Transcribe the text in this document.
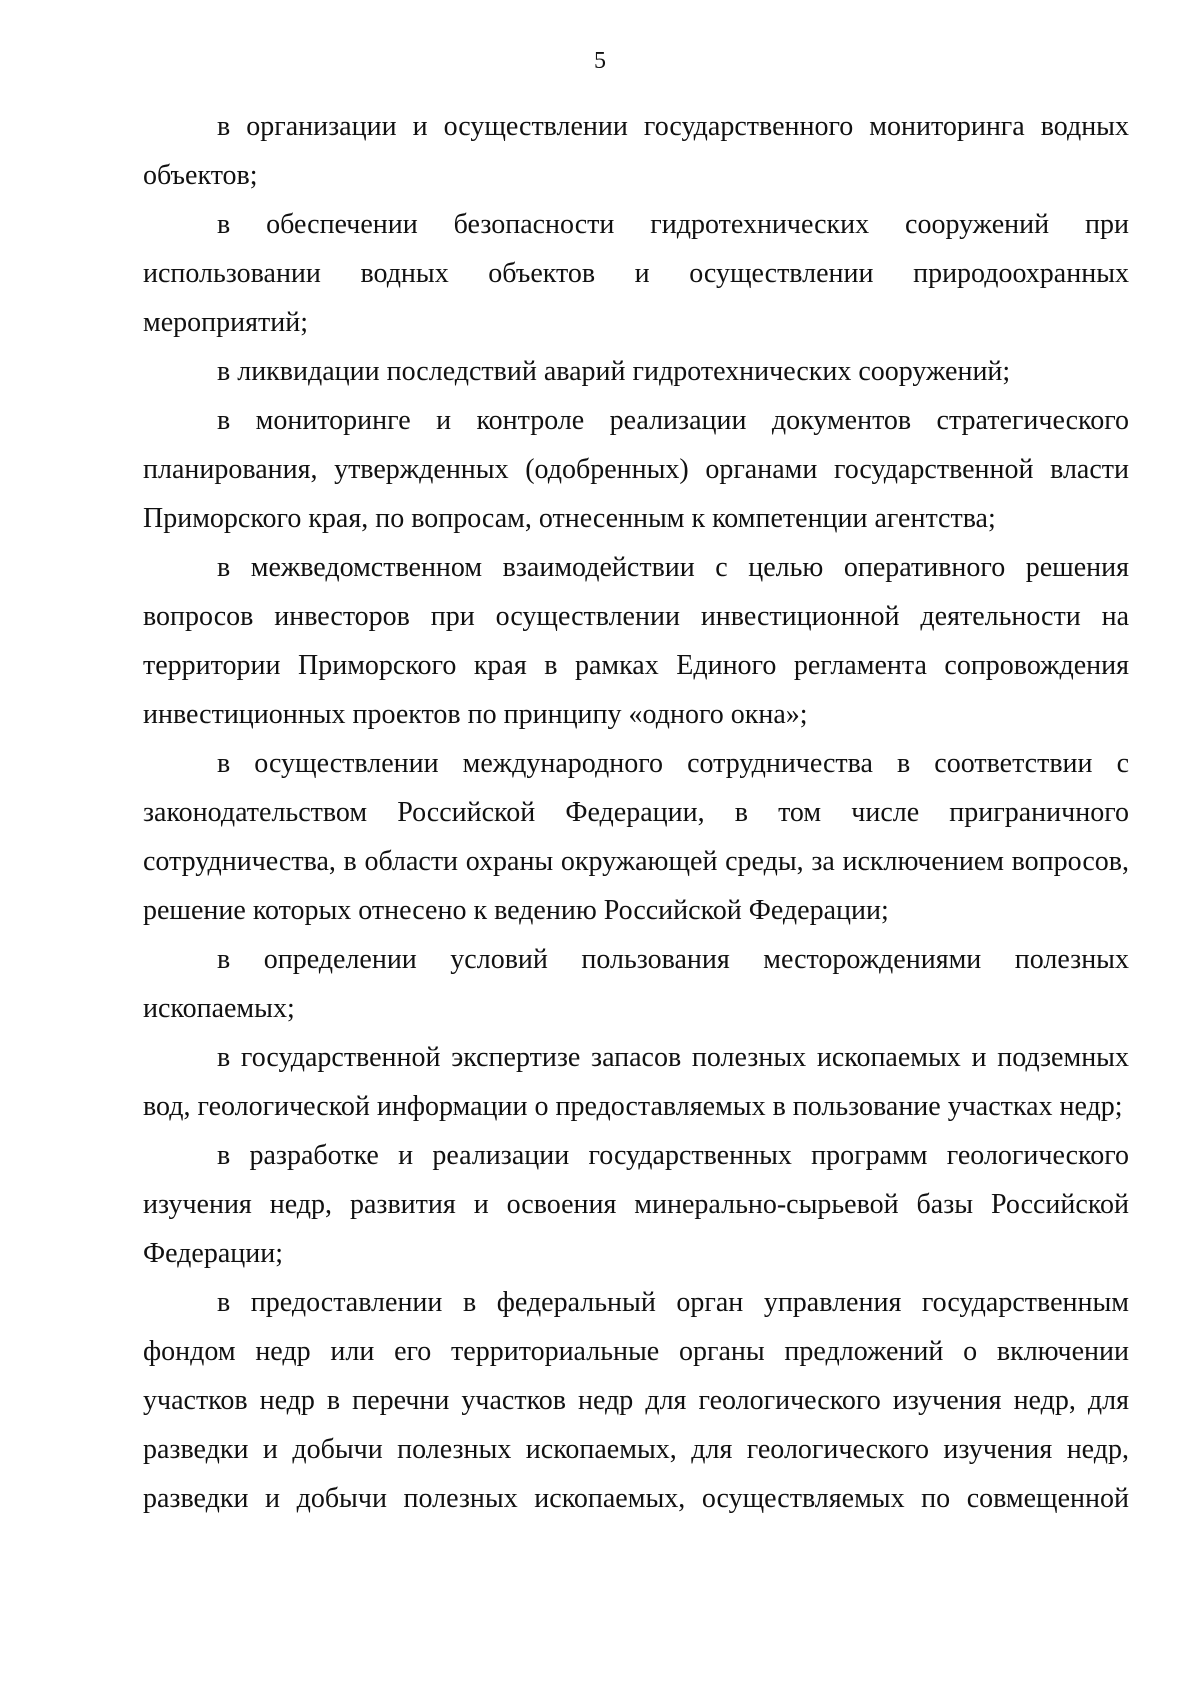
5

в организации и осуществлении государственного мониторинга водных объектов;

в обеспечении безопасности гидротехнических сооружений при использовании водных объектов и осуществлении природоохранных мероприятий;

в ликвидации последствий аварий гидротехнических сооружений;

в мониторинге и контроле реализации документов стратегического планирования, утвержденных (одобренных) органами государственной власти Приморского края, по вопросам, отнесенным к компетенции агентства;

в межведомственном взаимодействии с целью оперативного решения вопросов инвесторов при осуществлении инвестиционной деятельности на территории Приморского края в рамках Единого регламента сопровождения инвестиционных проектов по принципу «одного окна»;

в осуществлении международного сотрудничества в соответствии с законодательством Российской Федерации, в том числе приграничного сотрудничества, в области охраны окружающей среды, за исключением вопросов, решение которых отнесено к ведению Российской Федерации;

в определении условий пользования месторождениями полезных ископаемых;

в государственной экспертизе запасов полезных ископаемых и подземных вод, геологической информации о предоставляемых в пользование участках недр;

в разработке и реализации государственных программ геологического изучения недр, развития и освоения минерально-сырьевой базы Российской Федерации;

в предоставлении в федеральный орган управления государственным фондом недр или его территориальные органы предложений о включении участков недр в перечни участков недр для геологического изучения недр, для разведки и добычи полезных ископаемых, для геологического изучения недр, разведки и добычи полезных ископаемых, осуществляемых по совмещенной
